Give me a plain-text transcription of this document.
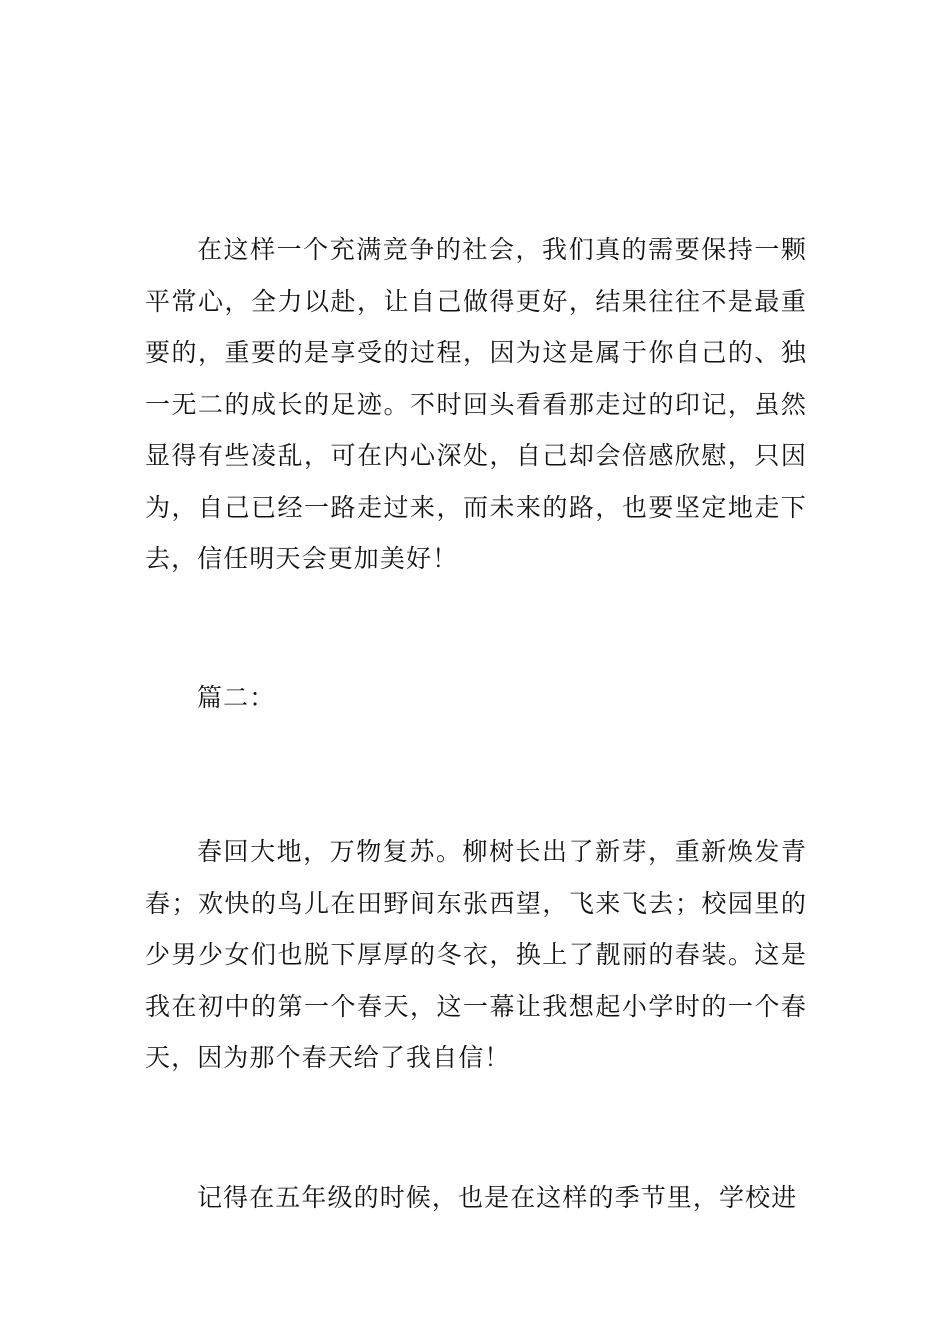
在这样一个充满竞争的社会，我们真的需要保持一颗平常心，全力以赴，让自己做得更好，结果往往不是最重要的，重要的是享受的过程，因为这是属于你自己的、独一无二的成长的足迹。不时回头看看那走过的印记，虽然显得有些凌乱，可在内心深处，自己却会倍感欣慰，只因为，自己已经一路走过来，而未来的路，也要坚定地走下去，信任明天会更加美好！

篇二：

春回大地，万物复苏。柳树长出了新芽，重新焕发青春；欢快的鸟儿在田野间东张西望，飞来飞去；校园里的少男少女们也脱下厚厚的冬衣，换上了靓丽的春装。这是我在初中的第一个春天，这一幕让我想起小学时的一个春天，因为那个春天给了我自信！

记得在五年级的时候，也是在这样的季节里，学校进
